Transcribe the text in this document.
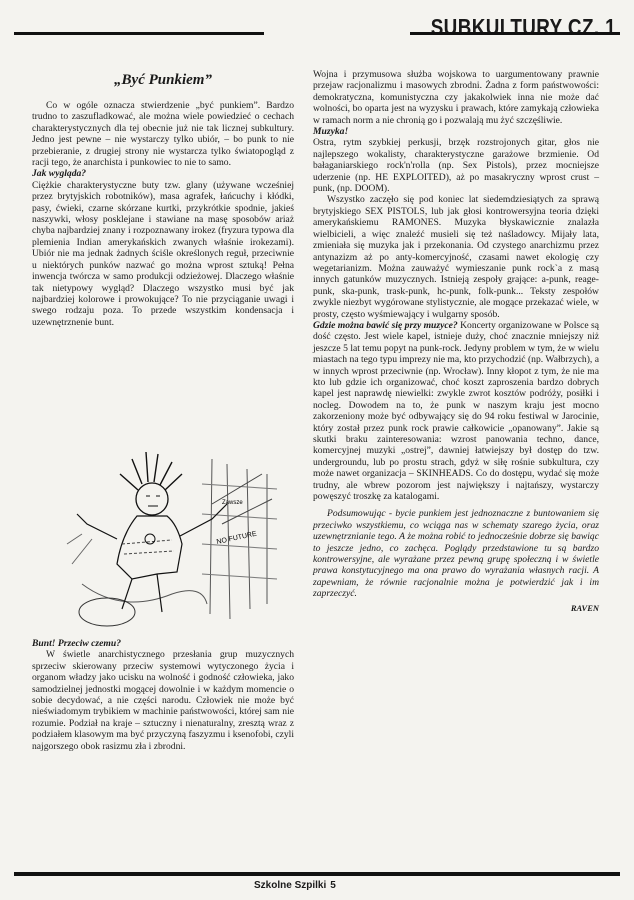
SUBKULTURY CZ. 1
„Być Punkiem”

Co w ogóle oznacza stwierdzenie „być punkiem”. Bardzo trudno to zaszufladkować, ale można wiele powiedzieć o cechach charakterystycznych dla tej obecnie już nie tak licznej subkultury. Jedno jest pewne – nie wystarczy tylko ubiór, – bo punk to nie przebieranie, z drugiej strony nie wystarcza tylko światopogląd z racji tego, że anarchista i punkowiec to nie to samo.

Jak wygląda?

Ciężkie charakterystyczne buty tzw. glany (używane wcześniej przez brytyjskich robotników), masa agrafek, łańcuchy i kłódki, pasy, ćwieki, czarne skórzane kurtki, przykrótkie spodnie, jakieś naszywki, włosy posklejane i stawiane na masę sposobów ariaż chyba najbardziej znany i rozpoznawany irokez (fryzura typowa dla plemienia Indian amerykańskich zwanych właśnie irokezami). Ubiór nie ma jednak żadnych ściśle określonych reguł, przeciwnie u niektórych punków nazwać go można wprost sztuką! Pełna inwencja twórcza w samo produkcji odzieżowej. Dlaczego właśnie tak nietypowy wygląd? Dlaczego wszystko musi być jak najbardziej kolorowe i prowokujące? To nie przyciąganie uwagi i swego rodzaju poza. To przede wszystkim kondensacja i uzewnętrznenie bunt.

NO FUTURE
Zawsze

Bunt! Przeciw czemu?

W świetle anarchistycznego przesłania grup muzycznych sprzeciw skierowany przeciw systemowi wytyczonego życia i organom władzy jako ucisku na wolność i godność człowieka, jako samodzielnej jednostki mogącej dowolnie i w każdym momencie o sobie decydować, a nie części narodu. Człowiek nie może być nieświadomym trybikiem w machinie państwowości, której sam nie rozumie. Podział na kraje – sztuczny i nienaturalny, zresztą wraz z podziałem klasowym ma być przyczyną faszyzmu i ksenofobi, czyli najgorszego obok rasizmu zła i zbrodni.

Wojna i przymusowa służba wojskowa to uargumentowany prawnie przejaw racjonalizmu i masowych zbrodni. Żadna z form państwowości: demokratyczna, komunistyczna czy jakakolwiek inna nie może dać wolności, bo oparta jest na wyzysku i prawach, które zamykają człowieka w ramach norm a nie chronią go i pozwalają mu żyć szczęśliwie.

Muzyka!

Ostra, rytm szybkiej perkusji, brzęk rozstrojonych gitar, głos nie najlepszego wokalisty, charakterystyczne garażowe brzmienie. Od bałaganiarskiego rock'n'rolla (np. Sex Pistols), przez mocniejsze uderzenie (np. HE EXPLOITED), aż po masakryczny wprost crust – punk, (np. DOOM).

Wszystko zaczęło się pod koniec lat siedemdziesiątych za sprawą brytyjskiego SEX PISTOLS, lub jak głosi kontrowersyjna teoria dzięki amerykańskiemu RAMONES. Muzyka błyskawicznie znalazła wielbicieli, a więc znaleźć musieli się też naśladowcy. Mijały lata, zmieniała się muzyka jak i przekonania. Od czystego anarchizmu przez antynazizm aż po anty-komercyjność, czasami nawet ekologię czy wegetarianizm. Można zauważyć wymieszanie punk rock`a z masą innych gatunków muzycznych. Istnieją zespoły grające: a-punk, reage-punk, ska-punk, trask-punk, hc-punk, folk-punk... Teksty zespołów zwykle niezbyt wygórowane stylistycznie, ale mogące przekazać wiele, w prosty, często wyśmiewający i wulgarny sposób.

Gdzie można bawić się przy muzyce? Koncerty organizowane w Polsce są dość często. Jest wiele kapel, istnieje duży, choć znacznie mniejszy niż jeszcze 5 lat temu popyt na punk-rock. Jedyny problem w tym, że w wielu miastach na tego typu imprezy nie ma, kto przychodzić (np. Wałbrzych), a w innych wprost przeciwnie (np. Wrocław). Inny kłopot z tym, że nie ma kto lub gdzie ich organizować, choć koszt zaproszenia bardzo dobrych kapel jest naprawdę niewielki: zwykle zwrot kosztów podróży, posiłki i nocleg. Dowodem na to, że punk w naszym kraju jest mocno zakorzeniony może być odbywający się do 94 roku festiwal w Jarocinie, który został przez punk rock prawie całkowicie „opanowany”. Jakie są skutki braku zainteresowania: wzrost panowania techno, dance, komercyjnej muzyki „ostrej”, dawniej łatwiejszy był dostęp do tzw. undergroundu, lub po prostu strach, gdyż w siłę rośnie subkultura, czy może nawet organizacja – SKINHEADS. Co do dostępu, wydać się może trudny, ale wbrew pozorom jest największy i najtańszy, wystarczy powęszyć troszkę za katalogami.

Podsumowując - bycie punkiem jest jednoznaczne z buntowaniem się przeciwko wszystkiemu, co wciąga nas w schematy szarego życia, oraz uzewnętrznianie tego. A że można robić to jednocześnie dobrze się bawiąc to jeszcze jedno, co zachęca. Poglądy przedstawione tu są bardzo kontrowersyjne, ale wyrażane przez pewną grupę społeczną i w świetle prawa konstytucyjnego ma ona prawo do wyrażania własnych racji. A zapewniam, że równie racjonalnie można je potwierdzić jak i im zaprzeczyć.

RAVEN

Szkolne Szpilki 5
